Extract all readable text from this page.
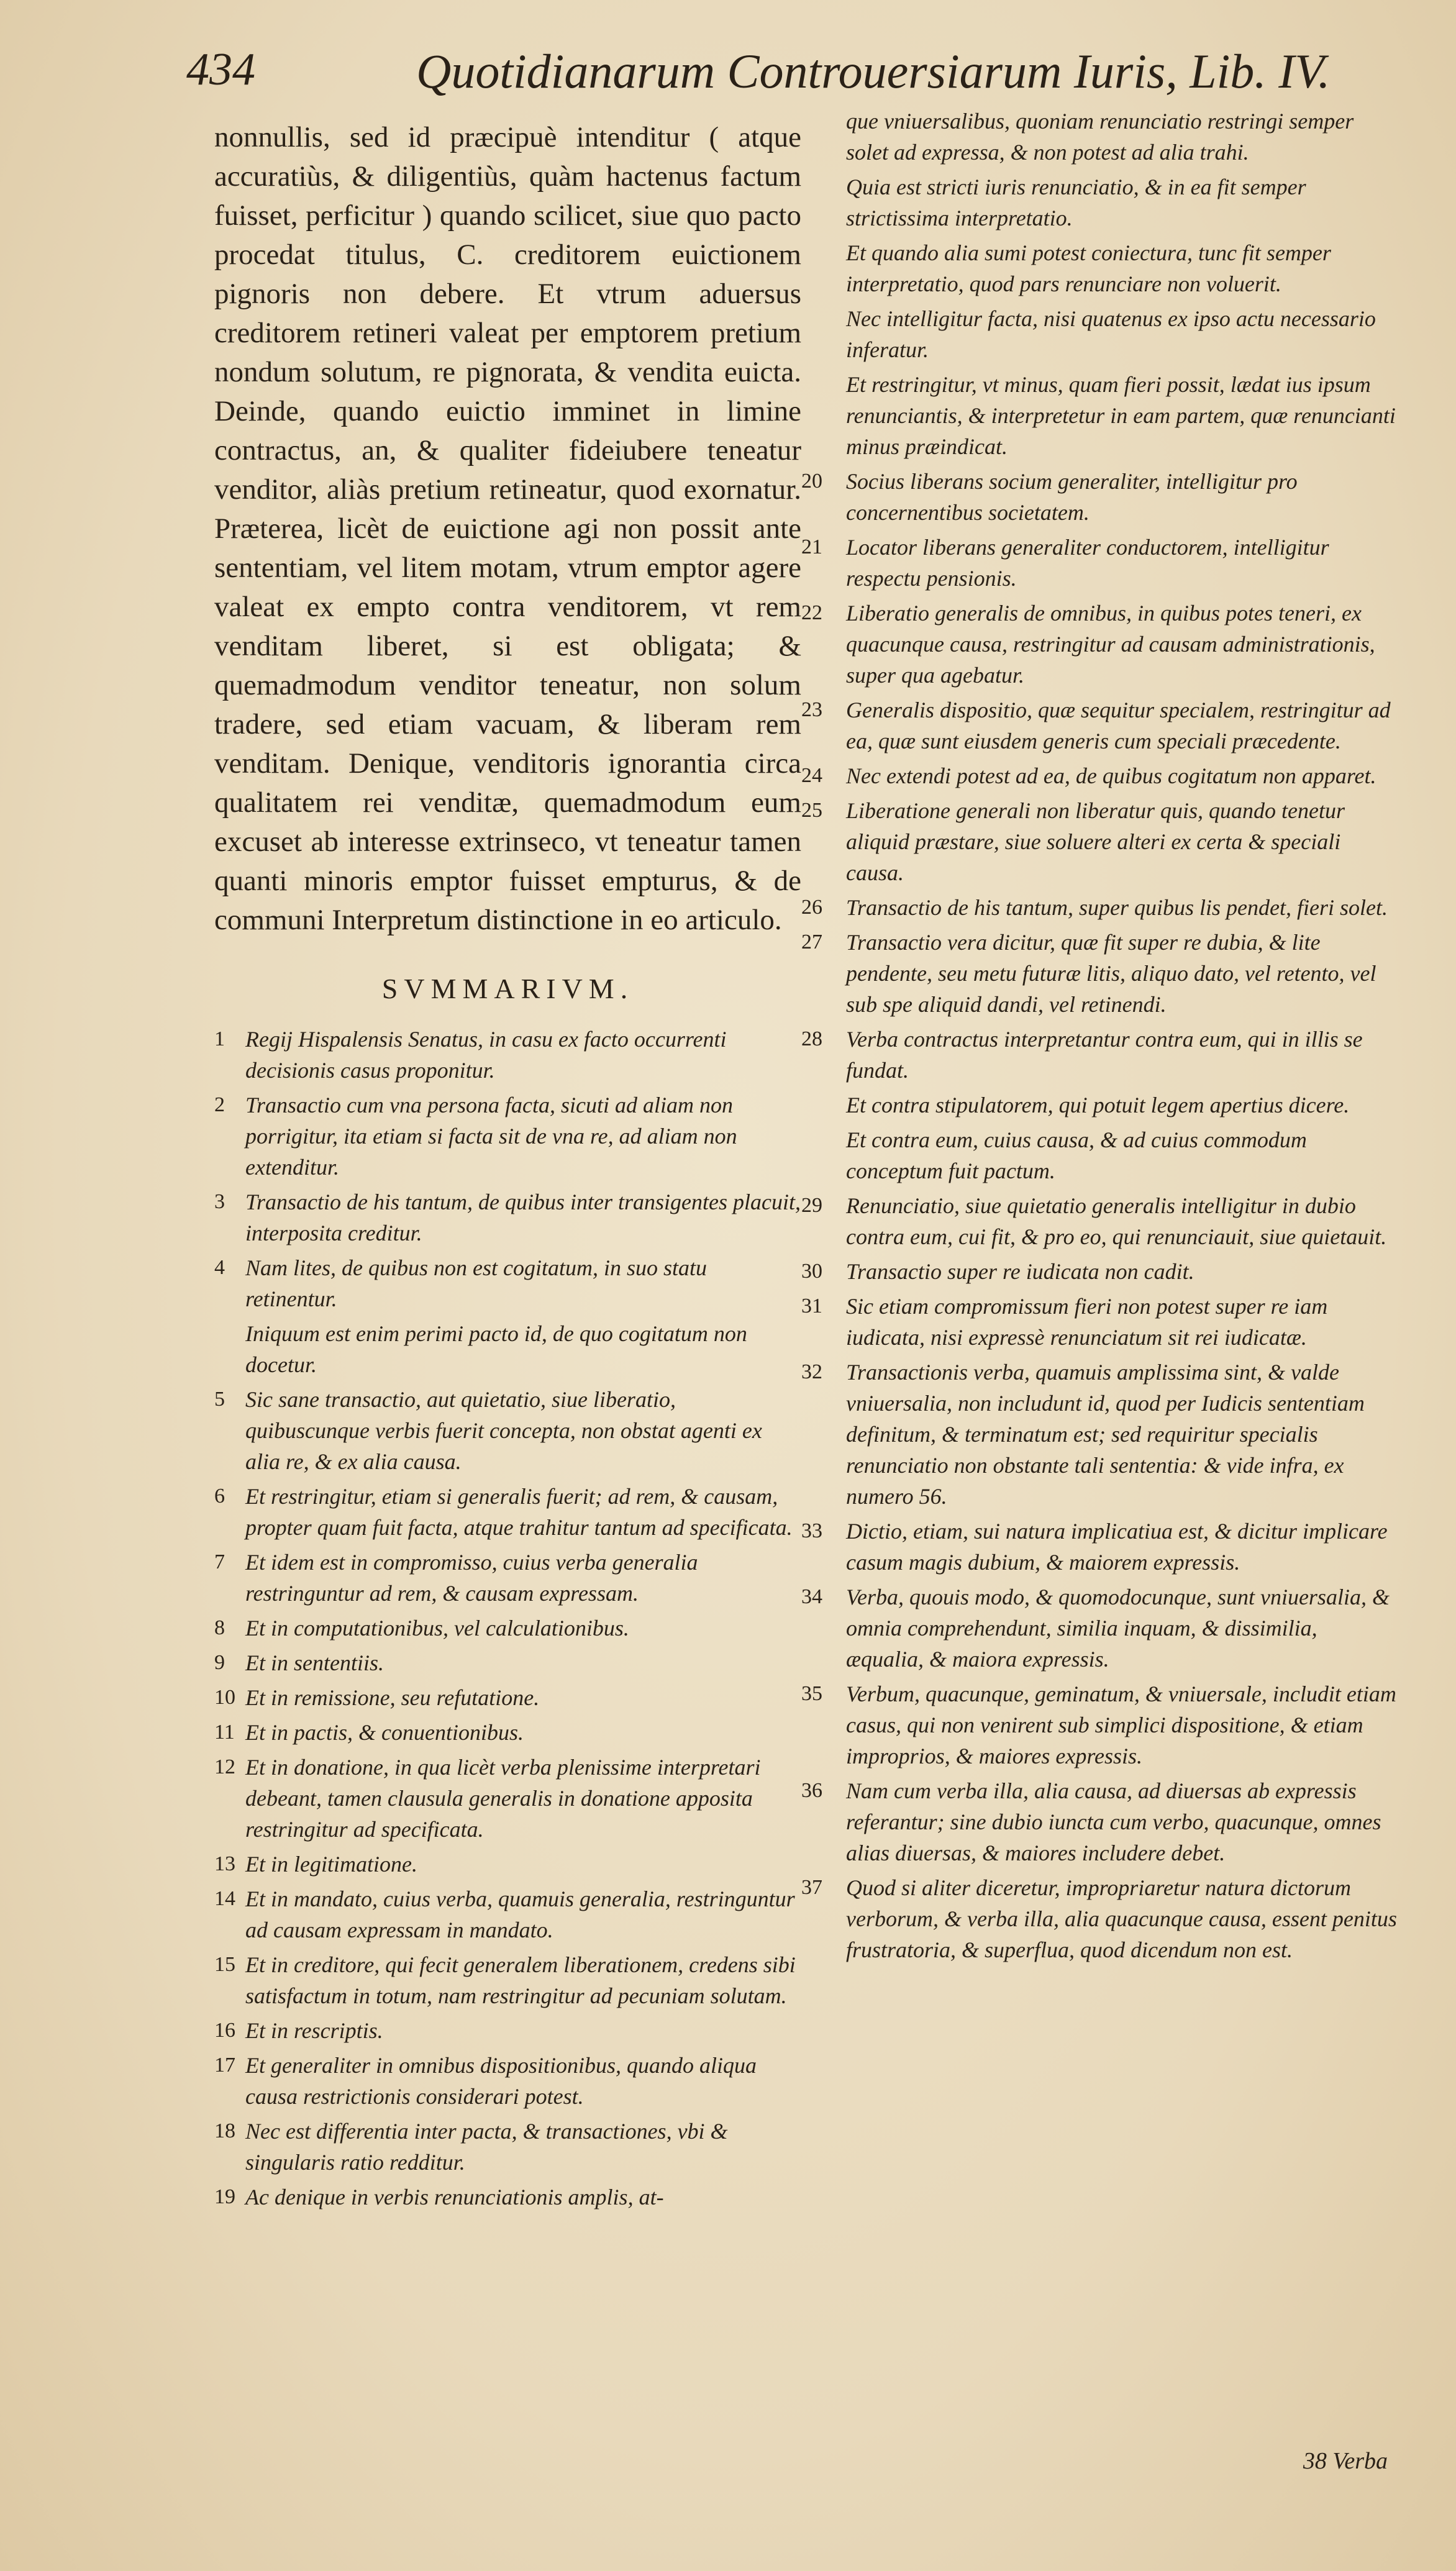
434	Quotidianarum Controuersiarum Iuris, Lib. IV.

nonnullis, sed id præcipuè intenditur ( atque accuratiùs, & diligentiùs, quàm hactenus factum fuisset, perficitur ) quando scilicet, siue quo pacto procedat titulus, C. creditorem euictionem pignoris non debere. Et vtrum aduersus creditorem retineri valeat per emptorem pretium nondum solutum, re pignorata, & vendita euicta. Deinde, quando euictio imminet in limine contractus, an, & qualiter fideiubere teneatur venditor, aliàs pretium retineatur, quod exornatur. Præterea, licèt de euictione agi non possit ante sententiam, vel litem motam, vtrum emptor agere valeat ex empto contra venditorem, vt rem venditam liberet, si est obligata; & quemadmodum venditor teneatur, non solum tradere, sed etiam vacuam, & liberam rem venditam. Denique, venditoris ignorantia circa qualitatem rei venditæ, quemadmodum eum excuset ab interesse extrinseco, vt teneatur tamen quanti minoris emptor fuisset empturus, & de communi Interpretum distinctione in eo articulo.

SVMMARIVM.
1 Regij Hispalensis Senatus, in casu ex facto occurrenti decisionis casus proponitur.
2 Transactio cum vna persona facta, sicuti ad aliam non porrigitur, ita etiam si facta sit de vna re, ad aliam non extenditur.
3 Transactio de his tantum, de quibus inter transigentes placuit, interposita creditur.
4 Nam lites, de quibus non est cogitatum, in suo statu retinentur.
Iniquum est enim perimi pacto id, de quo cogitatum non docetur.
5 Sic sane transactio, aut quietatio, siue liberatio, quibuscunque verbis fuerit concepta, non obstat agenti ex alia re, & ex alia causa.
6 Et restringitur, etiam si generalis fuerit; ad rem, & causam, propter quam fuit facta, atque trahitur tantum ad specificata.
7 Et idem est in compromisso, cuius verba generalia restringuntur ad rem, & causam expressam.
8 Et in computationibus, vel calculationibus.
9 Et in sententiis.
10 Et in remissione, seu refutatione.
11 Et in pactis, & conuentionibus.
12 Et in donatione, in qua licèt verba plenissime interpretari debeant, tamen clausula generalis in donatione apposita restringitur ad specificata.
13 Et in legitimatione.
14 Et in mandato, cuius verba, quamuis generalia, restringuntur ad causam expressam in mandato.
15 Et in creditore, qui fecit generalem liberationem, credens sibi satisfactum in totum, nam restringitur ad pecuniam solutam.
16 Et in rescriptis.
17 Et generaliter in omnibus dispositionibus, quando aliqua causa restrictionis considerari potest.
18 Nec est differentia inter pacta, & transactiones, vbi & singularis ratio redditur.
19 Ac denique in verbis renunciationis amplis, at-
que vniuersalibus, quoniam renunciatio restringi semper solet ad expressa, & non potest ad alia trahi.
Quia est stricti iuris renunciatio, & in ea fit semper strictissima interpretatio.
Et quando alia sumi potest coniectura, tunc fit semper interpretatio, quod pars renunciare non voluerit.
Nec intelligitur facta, nisi quatenus ex ipso actu necessario inferatur.
Et restringitur, vt minus, quam fieri possit, lædat ius ipsum renunciantis, & interpretetur in eam partem, quæ renuncianti minus præindicat.
20 Socius liberans socium generaliter, intelligitur pro concernentibus societatem.
21 Locator liberans generaliter conductorem, intelligitur respectu pensionis.
22 Liberatio generalis de omnibus, in quibus potes teneri, ex quacunque causa, restringitur ad causam administrationis, super qua agebatur.
23 Generalis dispositio, quæ sequitur specialem, restringitur ad ea, quæ sunt eiusdem generis cum speciali præcedente.
24 Nec extendi potest ad ea, de quibus cogitatum non apparet.
25 Liberatione generali non liberatur quis, quando tenetur aliquid præstare, siue soluere alteri ex certa & speciali causa.
26 Transactio de his tantum, super quibus lis pendet, fieri solet.
27 Transactio vera dicitur, quæ fit super re dubia, & lite pendente, seu metu futuræ litis, aliquo dato, vel retento, vel sub spe aliquid dandi, vel retinendi.
28 Verba contractus interpretantur contra eum, qui in illis se fundat.
Et contra stipulatorem, qui potuit legem apertius dicere.
Et contra eum, cuius causa, & ad cuius commodum conceptum fuit pactum.
29 Renunciatio, siue quietatio generalis intelligitur in dubio contra eum, cui fit, & pro eo, qui renunciauit, siue quietauit.
30 Transactio super re iudicata non cadit.
31 Sic etiam compromissum fieri non potest super re iam iudicata, nisi expressè renunciatum sit rei iudicatæ.
32 Transactionis verba, quamuis amplissima sint, & valde vniuersalia, non includunt id, quod per Iudicis sententiam definitum, & terminatum est; sed requiritur specialis renunciatio non obstante tali sententia: & vide infra, ex numero 56.
33 Dictio, etiam, sui natura implicatiua est, & dicitur implicare casum magis dubium, & maiorem expressis.
34 Verba, quouis modo, & quomodocunque, sunt vniuersalia, & omnia comprehendunt, similia inquam, & dissimilia, æqualia, & maiora expressis.
35 Verbum, quacunque, geminatum, & vniuersale, includit etiam casus, qui non venirent sub simplici dispositione, & etiam improprios, & maiores expressis.
36 Nam cum verba illa, alia causa, ad diuersas ab expressis referantur; sine dubio iuncta cum verbo, quacunque, omnes alias diuersas, & maiores includere debet.
37 Quod si aliter diceretur, impropriaretur natura dictorum verborum, & verba illa, alia quacunque causa, essent penitus frustratoria, & superflua, quod dicendum non est.
38 Verba
